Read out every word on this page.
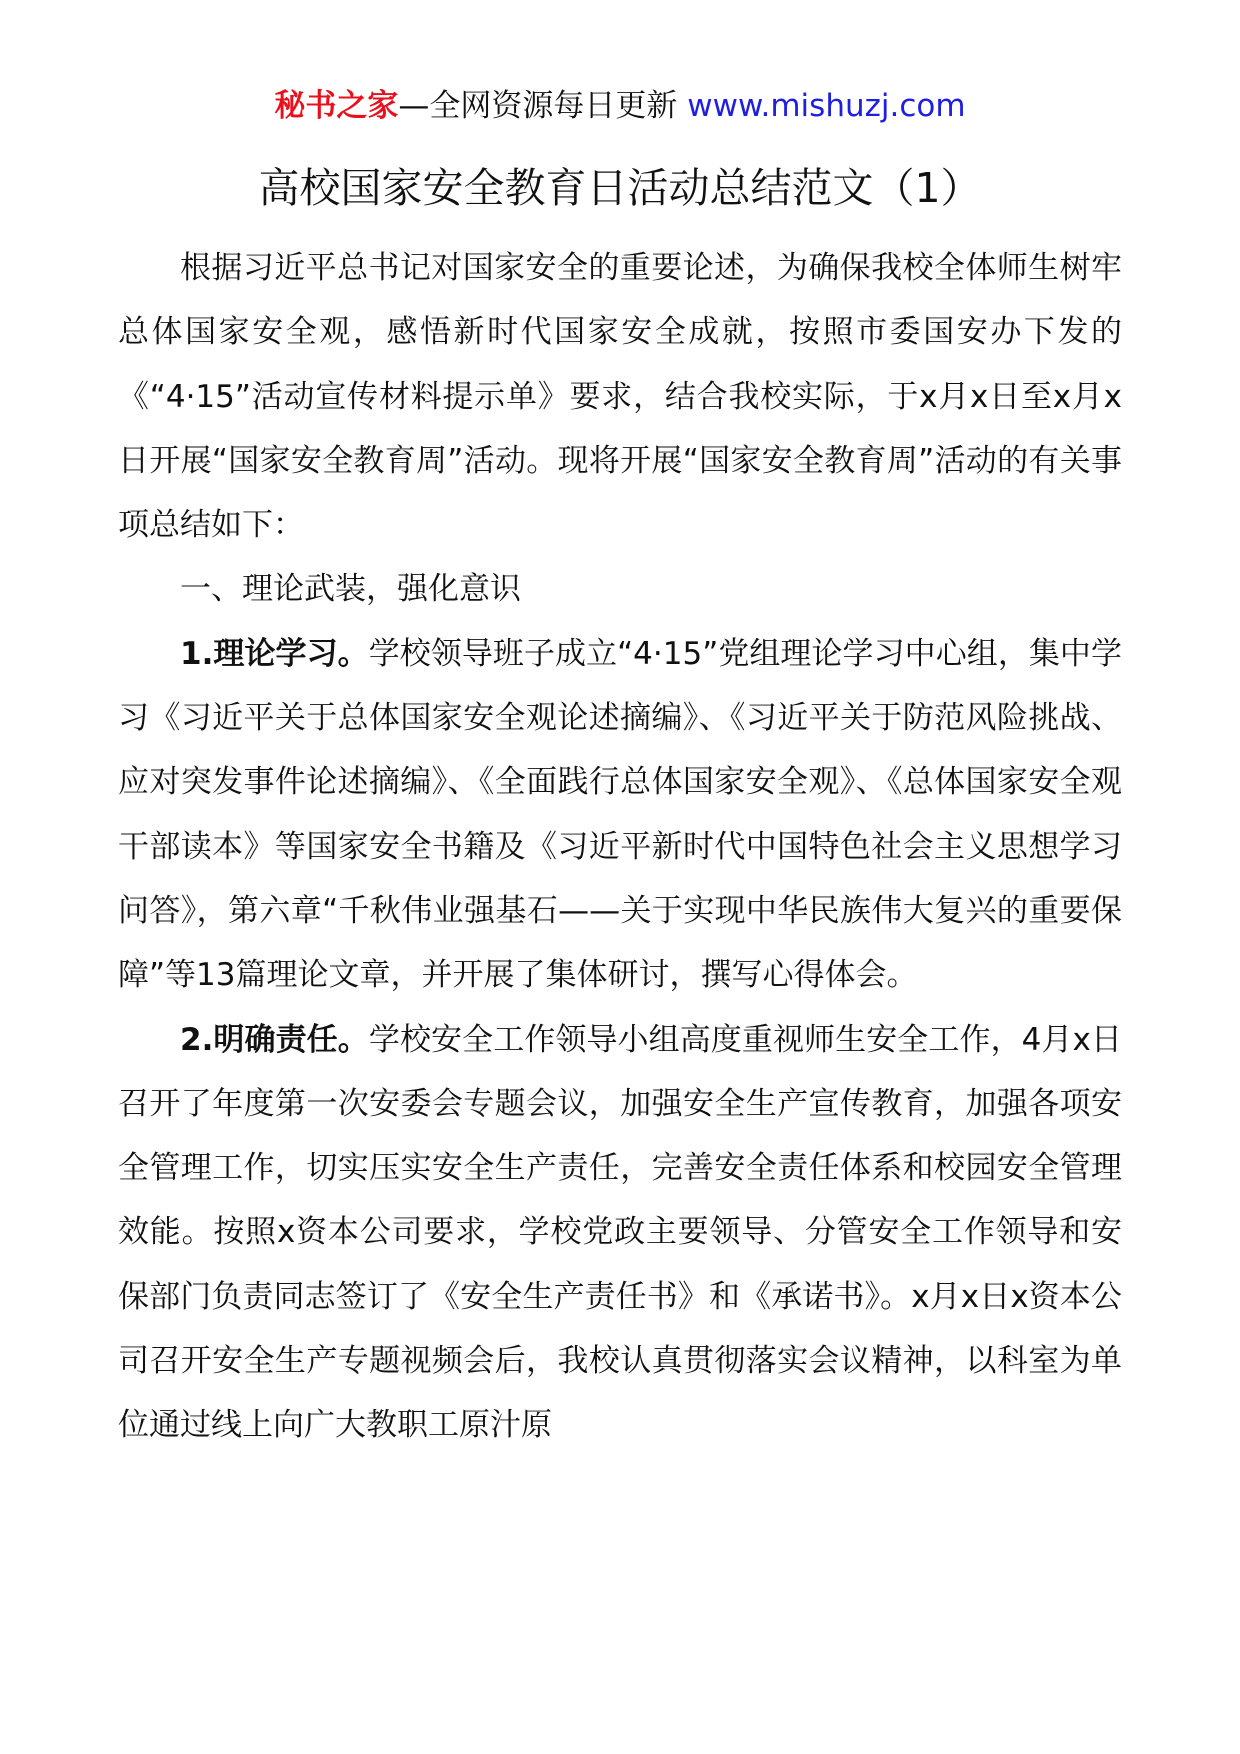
秘书之家—全网资源每日更新 www.mishuzj.com
高校国家安全教育日活动总结范文（1）

根据习近平总书记对国家安全的重要论述，为确保我校全体师生树牢总体国家安全观，感悟新时代国家安全成就，按照市委国安办下发的《“4·15”活动宣传材料提示单》要求，结合我校实际，于x月x日至x月x日开展“国家安全教育周”活动。现将开展“国家安全教育周”活动的有关事项总结如下：

一、理论武装，强化意识

1.理论学习。学校领导班子成立“4·15”党组理论学习中心组，集中学习《习近平关于总体国家安全观论述摘编》、《习近平关于防范风险挑战、应对突发事件论述摘编》、《全面践行总体国家安全观》、《总体国家安全观干部读本》等国家安全书籍及《习近平新时代中国特色社会主义思想学习问答》，第六章“千秋伟业强基石——关于实现中华民族伟大复兴的重要保障”等13篇理论文章，并开展了集体研讨，撰写心得体会。

2.明确责任。学校安全工作领导小组高度重视师生安全工作，4月x日召开了年度第一次安委会专题会议，加强安全生产宣传教育，加强各项安全管理工作，切实压实安全生产责任，完善安全责任体系和校园安全管理效能。按照x资本公司要求，学校党政主要领导、分管安全工作领导和安保部门负责同志签订了《安全生产责任书》和《承诺书》。x月x日x资本公司召开安全生产专题视频会后，我校认真贯彻落实会议精神，以科室为单位通过线上向广大教职工原汁原
